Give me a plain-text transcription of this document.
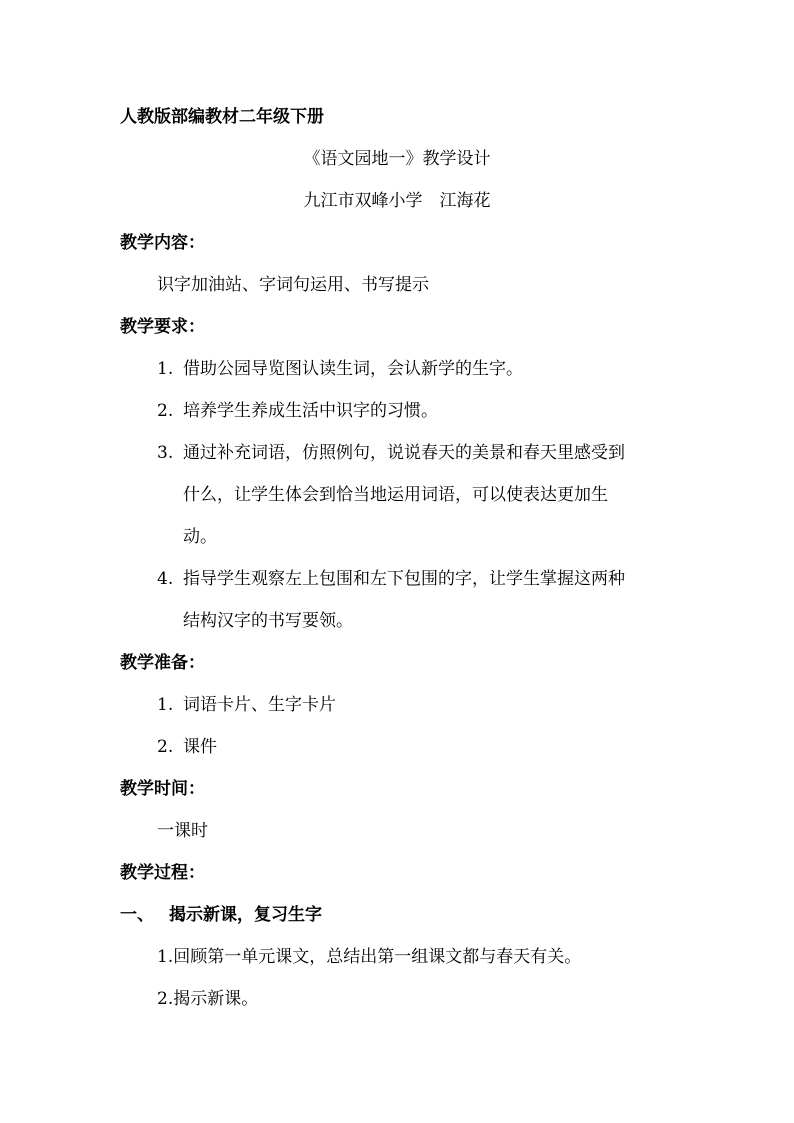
人教版部编教材二年级下册
《语文园地一》教学设计
九江市双峰小学　江海花
教学内容：
识字加油站、字词句运用、书写提示
教学要求：
1. 借助公园导览图认读生词，会认新学的生字。
2. 培养学生养成生活中识字的习惯。
3. 通过补充词语，仿照例句，说说春天的美景和春天里感受到
什么，让学生体会到恰当地运用词语，可以使表达更加生
动。
4. 指导学生观察左上包围和左下包围的字，让学生掌握这两种
结构汉字的书写要领。
教学准备：
1. 词语卡片、生字卡片
2. 课件
教学时间：
一课时
教学过程：
一、 揭示新课，复习生字
1.回顾第一单元课文，总结出第一组课文都与春天有关。
2.揭示新课。
